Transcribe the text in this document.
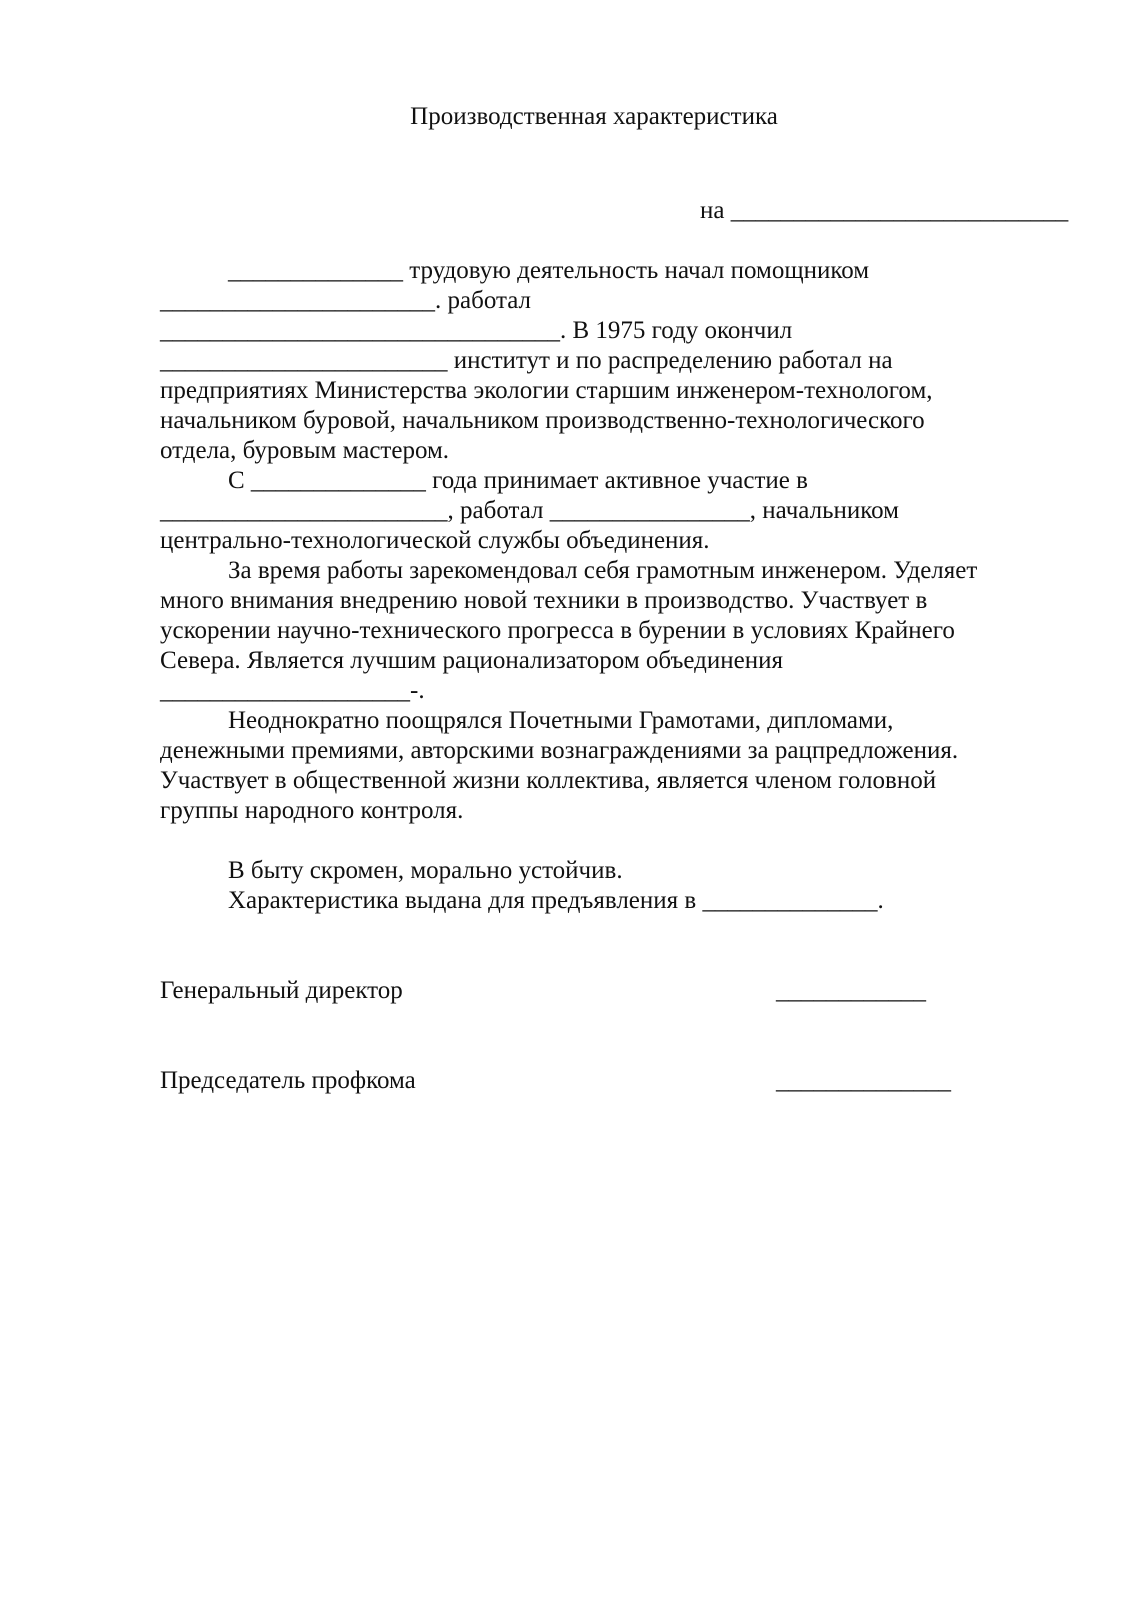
Производственная характеристика
на ___________________________
______________ трудовую деятельность начал помощником
______________________. работал
________________________________. В 1975 году окончил
_______________________ институт и по распределению работал на
предприятиях Министерства экологии старшим инженером-технологом,
начальником буровой, начальником производственно-технологического
отдела, буровым мастером.
С ______________ года принимает активное участие в
_______________________, работал ________________, начальником
центрально-технологической службы объединения.
За время работы зарекомендовал себя грамотным инженером. Уделяет
много внимания внедрению новой техники в производство. Участвует в
ускорении научно-технического прогресса в бурении в условиях Крайнего
Севера. Является лучшим рационализатором объединения
____________________-.
Неоднократно поощрялся Почетными Грамотами, дипломами,
денежными премиями, авторскими вознаграждениями за рацпредложения.
Участвует в общественной жизни коллектива, является членом головной
группы народного контроля.
В быту скромен, морально устойчив.
Характеристика выдана для предъявления в ______________.
Генеральный директор	____________
Председатель профкома	______________
